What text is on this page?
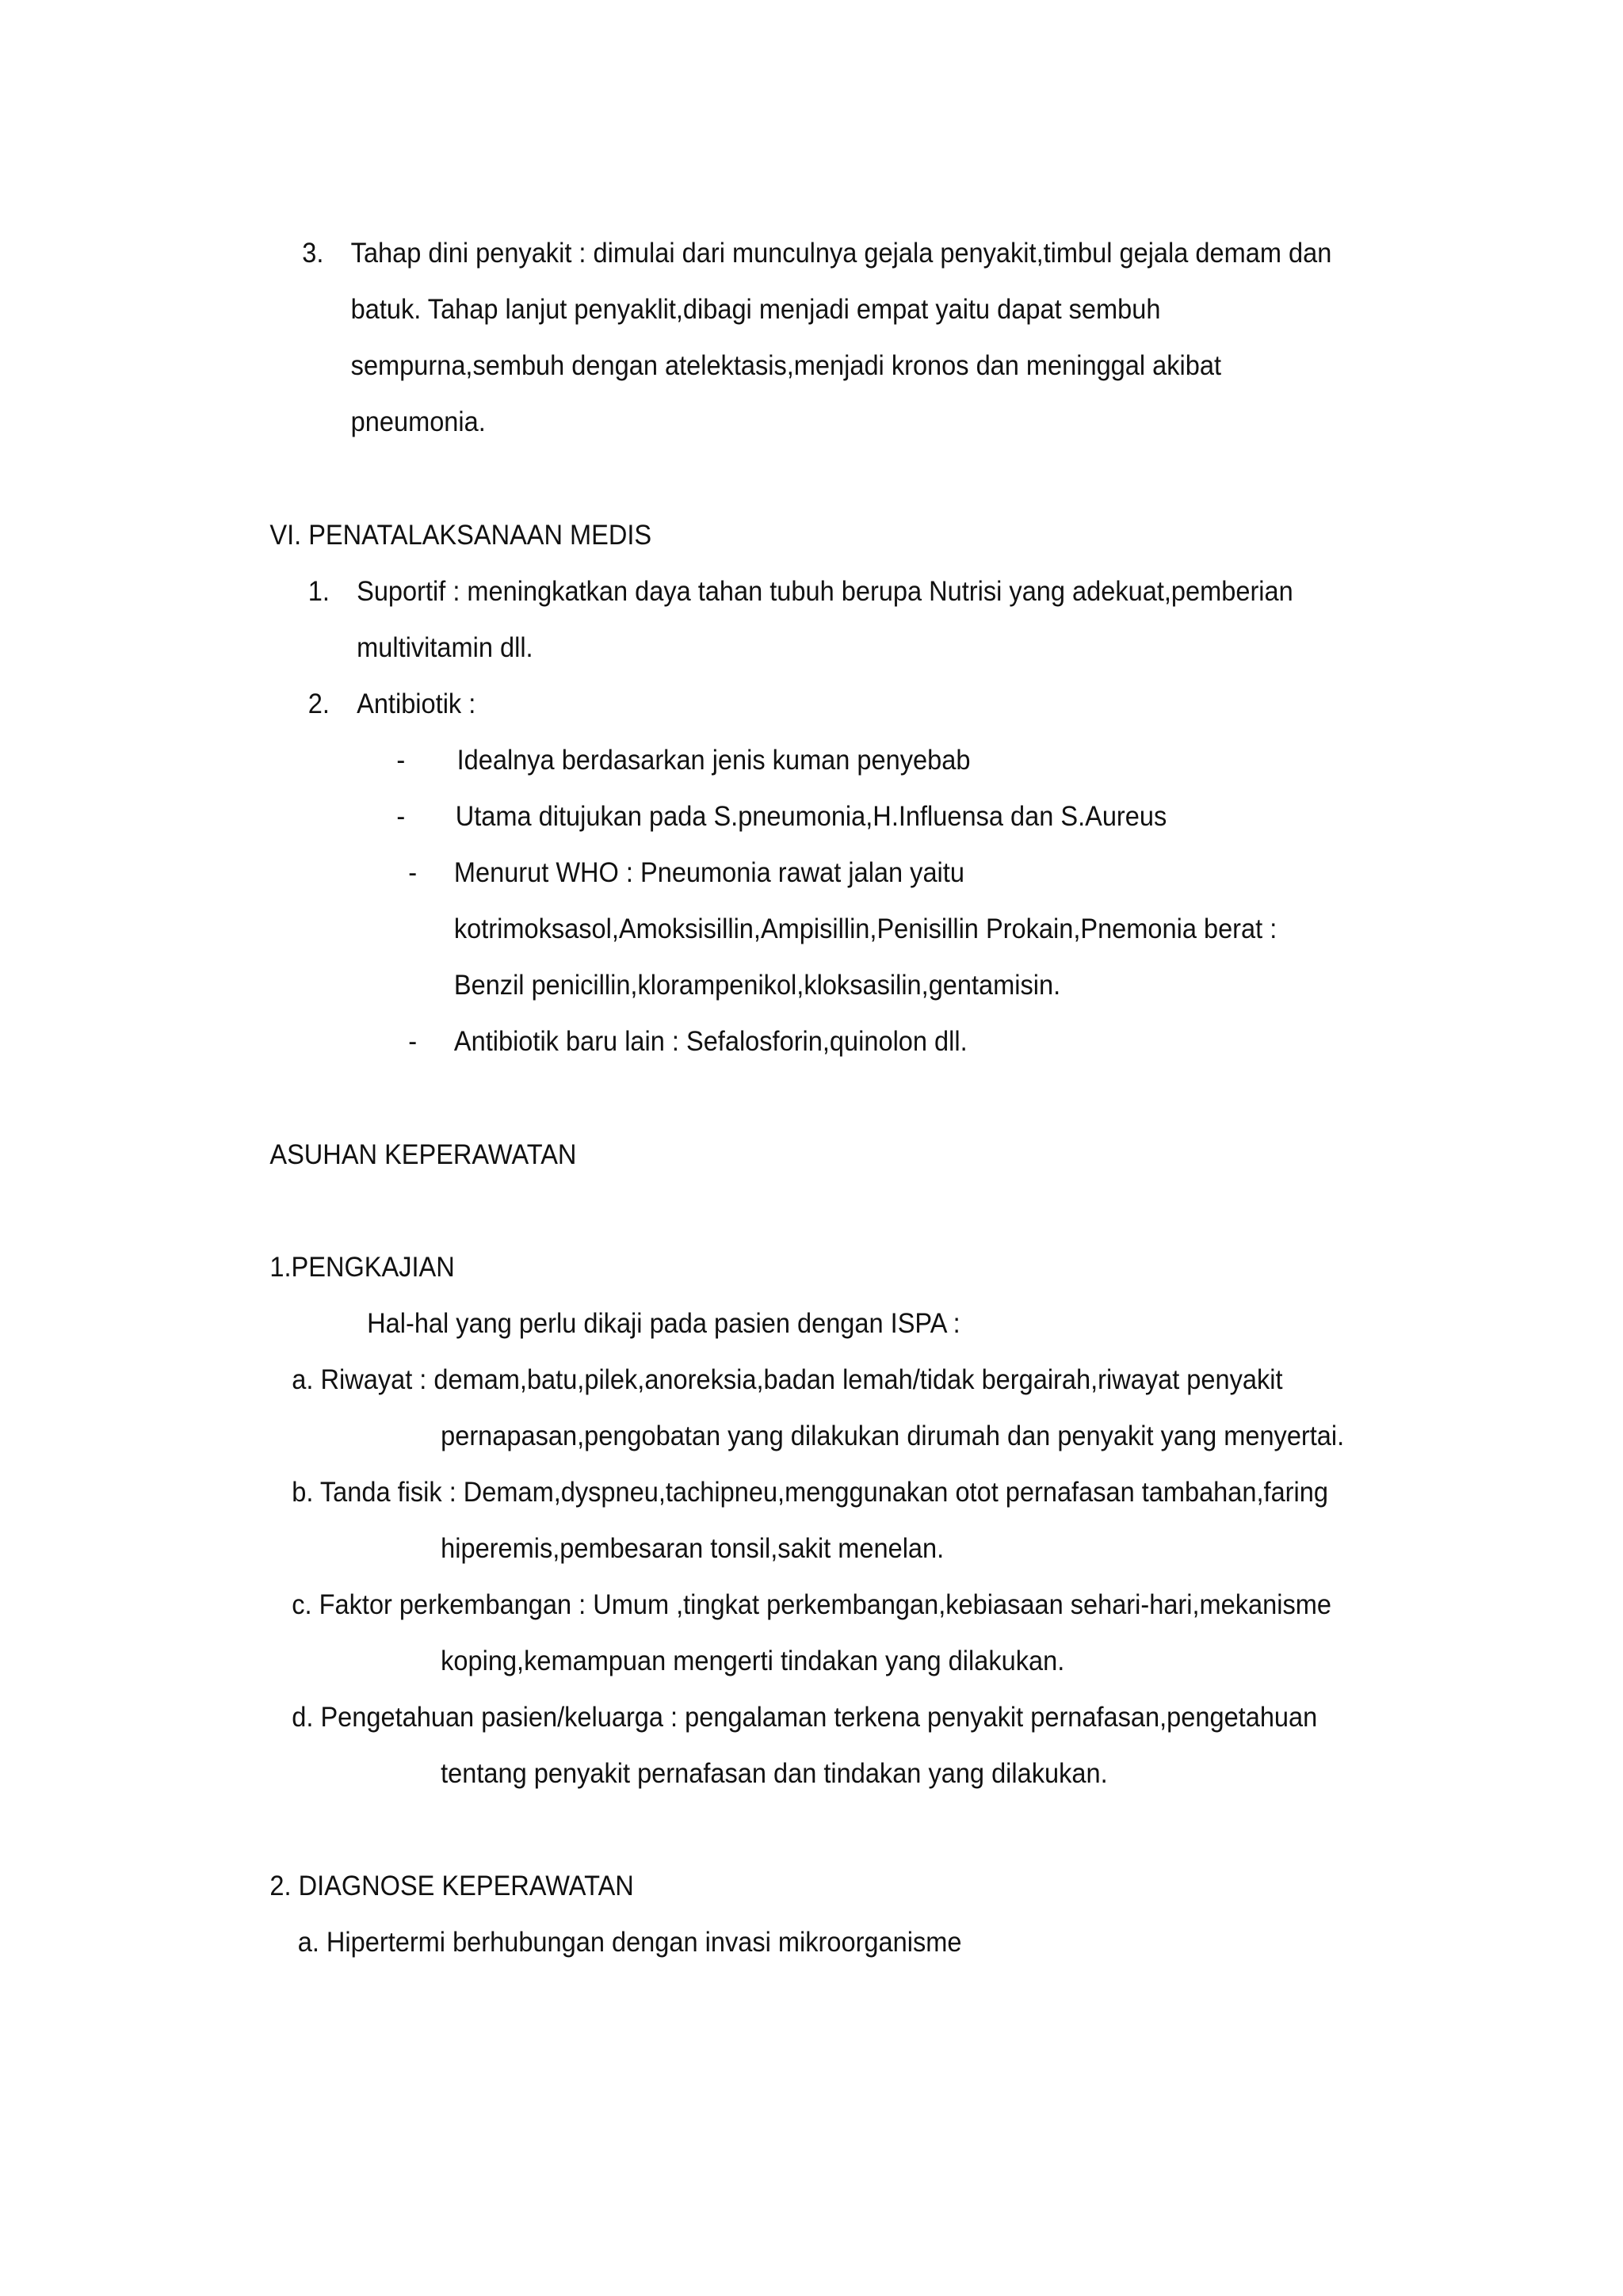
3. Tahap dini penyakit : dimulai dari munculnya gejala penyakit,timbul gejala demam dan
batuk. Tahap lanjut penyaklit,dibagi menjadi empat yaitu dapat sembuh
sempurna,sembuh dengan atelektasis,menjadi kronos dan meninggal akibat
pneumonia.
VI. PENATALAKSANAAN MEDIS
1. Suportif : meningkatkan daya tahan tubuh berupa Nutrisi yang adekuat,pemberian
multivitamin dll.
2. Antibiotik :
- Idealnya berdasarkan jenis kuman penyebab
- Utama ditujukan pada S.pneumonia,H.Influensa dan S.Aureus
- Menurut WHO : Pneumonia rawat jalan yaitu
kotrimoksasol,Amoksisillin,Ampisillin,Penisillin Prokain,Pnemonia berat :
Benzil penicillin,klorampenikol,kloksasilin,gentamisin.
- Antibiotik baru lain : Sefalosforin,quinolon dll.
ASUHAN KEPERAWATAN
1.PENGKAJIAN
Hal-hal yang perlu dikaji pada pasien dengan ISPA :
a. Riwayat : demam,batu,pilek,anoreksia,badan lemah/tidak bergairah,riwayat penyakit
pernapasan,pengobatan yang dilakukan dirumah dan penyakit yang menyertai.
b. Tanda fisik : Demam,dyspneu,tachipneu,menggunakan otot pernafasan tambahan,faring
hiperemis,pembesaran tonsil,sakit menelan.
c. Faktor perkembangan : Umum ,tingkat perkembangan,kebiasaan sehari-hari,mekanisme
koping,kemampuan mengerti tindakan yang dilakukan.
d. Pengetahuan pasien/keluarga : pengalaman terkena penyakit pernafasan,pengetahuan
tentang penyakit pernafasan dan tindakan yang dilakukan.
2. DIAGNOSE KEPERAWATAN
a. Hipertermi berhubungan dengan invasi mikroorganisme
